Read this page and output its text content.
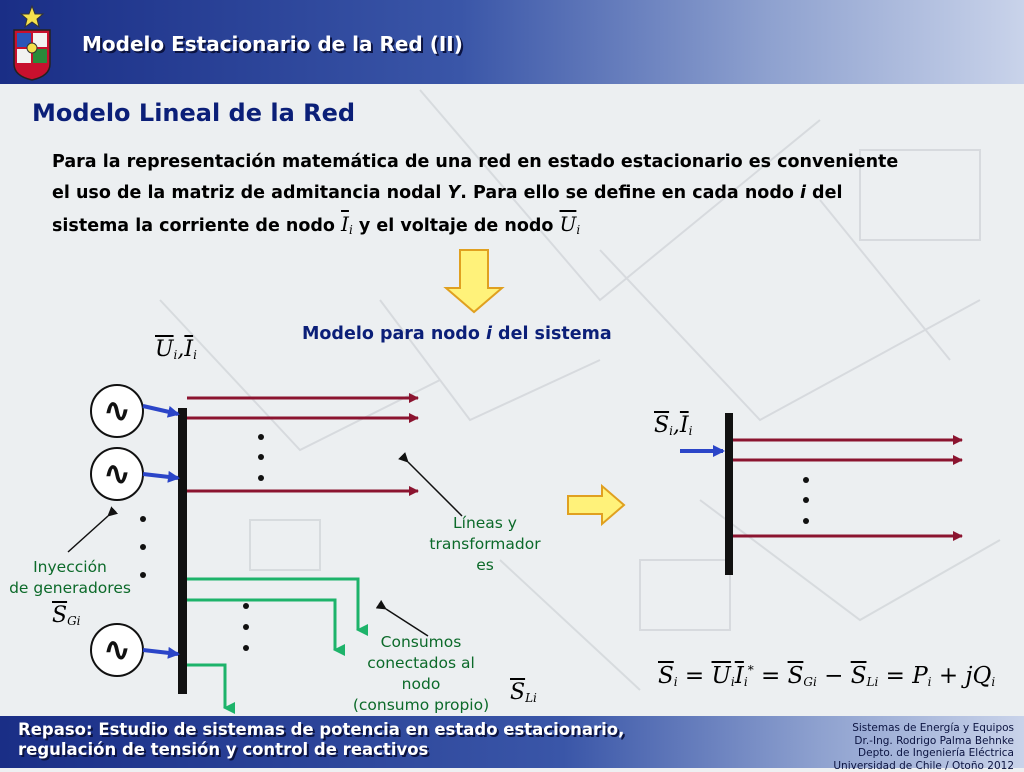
Modelo Estacionario de la Red (II)
Modelo Lineal de la Red
Para la representación matemática de una red en estado estacionario es conveniente
el uso de la matriz de admitancia nodal Y. Para ello se define en cada nodo i del
sistema la corriente de nodo $\overline{I}_i$ y el voltaje de nodo $\overline{U}_i$
∿
∿
∿
Modelo para nodo i del sistema
$\overline{U}_i,\overline{I}_i$
Inyección
de generadores
$\overline{S}_{Gi}$
Líneas y
transformador
es
Consumos
conectados al
nodo
(consumo propio) $\overline{S}_{Li}$
$\overline{S}_i,\overline{I}_i$
$\overline{S}_i = \overline{U}_i\overline{I}_i^* = \overline{S}_{Gi} - \overline{S}_{Li} = P_i + jQ_i$
Repaso: Estudio de sistemas de potencia en estado estacionario,
regulación de tensión y control de reactivos
Sistemas de Energía y Equipos
Dr.-Ing. Rodrigo Palma Behnke
Depto. de Ingeniería Eléctrica
Universidad de Chile / Otoño 2012
